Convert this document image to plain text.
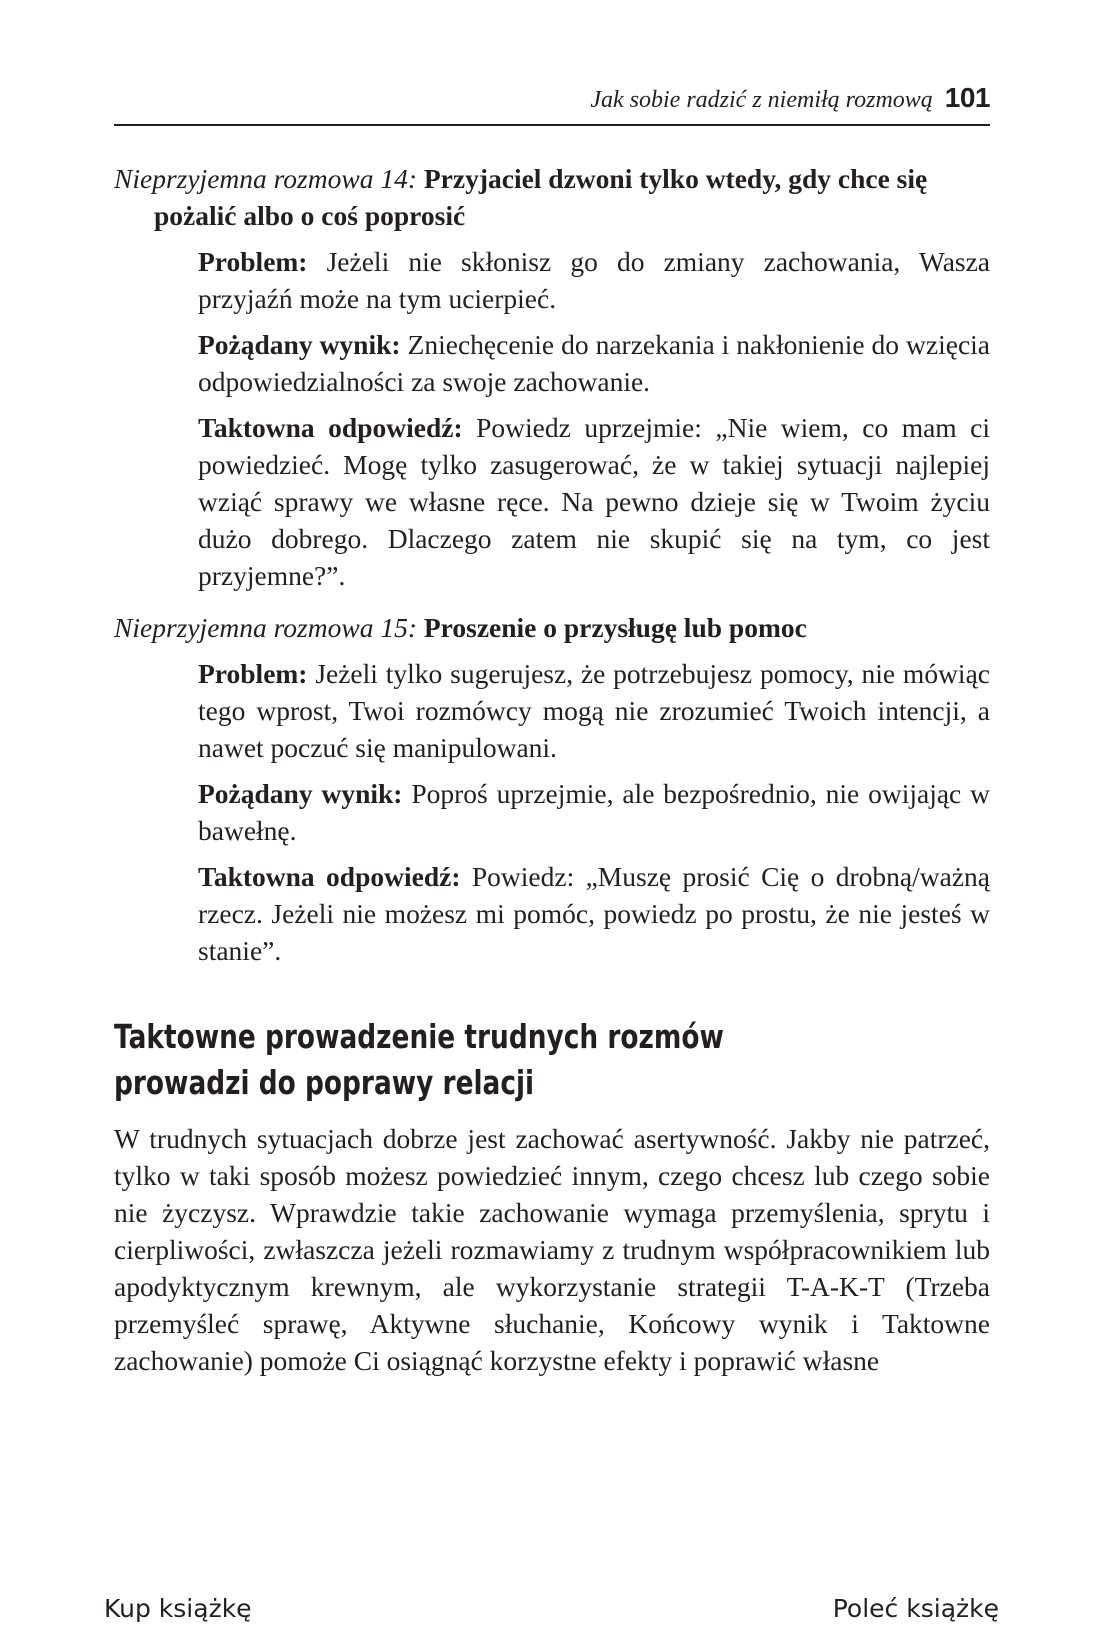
Jak sobie radzić z niemiłą rozmową 101

Nieprzyjemna rozmowa 14: Przyjaciel dzwoni tylko wtedy, gdy chce się pożalić albo o coś poprosić

Problem: Jeżeli nie skłonisz go do zmiany zachowania, Wasza przyjaźń może na tym ucierpieć.

Pożądany wynik: Zniechęcenie do narzekania i nakłonienie do wzięcia odpowiedzialności za swoje zachowanie.

Taktowna odpowiedź: Powiedz uprzejmie: „Nie wiem, co mam ci powiedzieć. Mogę tylko zasugerować, że w takiej sytuacji najlepiej wziąć sprawy we własne ręce. Na pewno dzieje się w Twoim życiu dużo dobrego. Dlaczego zatem nie skupić się na tym, co jest przyjemne?”.

Nieprzyjemna rozmowa 15: Proszenie o przysługę lub pomoc

Problem: Jeżeli tylko sugerujesz, że potrzebujesz pomocy, nie mówiąc tego wprost, Twoi rozmówcy mogą nie zrozumieć Twoich intencji, a nawet poczuć się manipulowani.

Pożądany wynik: Poproś uprzejmie, ale bezpośrednio, nie owijając w bawełnę.

Taktowna odpowiedź: Powiedz: „Muszę prosić Cię o drobną/ważną rzecz. Jeżeli nie możesz mi pomóc, powiedz po prostu, że nie jesteś w stanie”.

Taktowne prowadzenie trudnych rozmów
prowadzi do poprawy relacji

W trudnych sytuacjach dobrze jest zachować asertywność. Jakby nie patrzeć, tylko w taki sposób możesz powiedzieć innym, czego chcesz lub czego sobie nie życzysz. Wprawdzie takie zachowanie wymaga przemyślenia, sprytu i cierpliwości, zwłaszcza jeżeli rozmawiamy z trudnym współpracownikiem lub apodyktycznym krewnym, ale wykorzystanie strategii T-A-K-T (Trzeba przemyśleć sprawę, Aktywne słuchanie, Końcowy wynik i Taktowne zachowanie) pomoże Ci osiągnąć korzystne efekty i poprawić własne

Kup książkę	Poleć książkę
